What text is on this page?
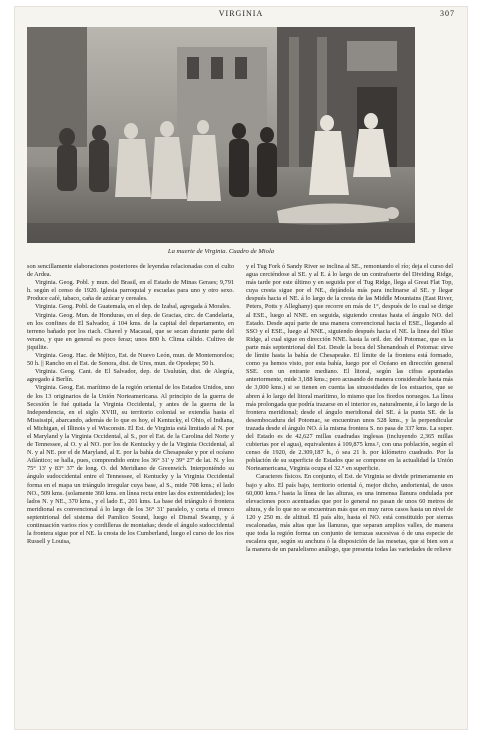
VIRGINIA	307
La muerte de Virginia. Cuadro de Miola

son sencillamente elaboraciones posteriores de leyendas relacionadas con el culto de Ardea.

Virginia. Geog. Pobl. y mun. del Brasil, en el Estado de Minas Geraes; 9,791 h. según el censo de 1920. Iglesia parroquial y escuelas para uno y otro sexo. Produce café, tabaco, caña de azúcar y cereales.

Virginia. Geog. Pobl. de Guatemala, en el dep. de Izabal, agregada á Morales.

Virginia. Geog. Mun. de Honduras, en el dep. de Gracias, circ. de Candelaria, en los confines de El Salvador, á 104 kms. de la capital del departamento, en terreno bañado por los riach. Chavel y Macaual, que se secan durante parte del verano, y que en general es poco feraz; unos 800 h. Clima cálido. Cultivo de jiquilite.

Virginia. Geog. Hac. de Méjico, Est. de Nuevo León, mun. de Montemorelos; 50 h. || Rancho en el Est. de Sonora, dist. de Ures, mun. de Opodepe; 50 h.

Virginia. Geog. Cant. de El Salvador, dep. de Usulután, dist. de Alegría, agregado á Berlín.

Virginia. Geog. Est. marítimo de la región oriental de los Estados Unidos, uno de los 13 originarios de la Unión Norteamericana. Al principio de la guerra de Secesión le fué quitada la Virginia Occidental, y antes de la guerra de la Independencia, en el siglo XVIII, su territorio colonial se extendía hasta el Mississipí, abarcando, además de lo que es hoy, el Kentucky, el Ohio, el Indiana, el Michigan, el Illinois y el Wisconsin. El Est. de Virginia está limitado al N. por el Maryland y la Virginia Occidental, al S., por el Est. de la Carolina del Norte y de Tennessee, al O. y al NO. por los de Kentucky y de la Virginia Occidental, al N. y al NE. por el de Maryland, al E. por la bahía de Chesapeake y por el océano Atlántico; se halla, pues, comprendido entre los 36° 31' y 39° 27' de lat. N. y los 75° 13' y 83° 37' de long. O. del Meridiano de Greenwich. Interponiéndo su ángulo sudoccidental entre el Tennessee, el Kentucky y la Virginia Occidental forma en el mapa un triángulo irregular cuya base, al S., mide 708 kms.; el lado NO., 509 kms. (solamente 360 kms. en línea recta entre las dos extremidades); los lados N. y NE., 370 kms., y el lado E., 201 kms. La base del triángulo ó frontera meridional es convencional á lo largo de los 36° 31' paralelo, y corta el tronco septentrional del sistema del Pamlico Sound, luego el Dismal Swamp, y á continuación varios ríos y cordilleras de montañas; desde el ángulo sudoccidental la frontera sigue por el NE. la cresta de los Cumberland, luego el curso de los ríos Russell y Louisa,

y el Tug Fork ó Sandy River se inclina al SE., remontando el río; deja el curso del agua cerciéndose al SE. y al E. á lo largo de un contrafuerte del Dividing Ridge, más tarde por este último y en seguida por el Tug Ridge, llega al Great Flat Top, cuya cresta sigue por el NE., dejándola más para inclinarse al SE. y llegar después hacia el NE. á lo largo de la cresta de las Middle Mountains (East River, Peters, Potts y Alleghany) que recorre en más de 1°, después de lo cual se dirige al ESE., luego al NNE. en seguida, siguiendo crestas hasta el ángulo NO. del Estado. Desde aquí parte de una manera convencional hacia el ESE., llegando al SSO y el ESE., luego al NNE., siguiendo después hacia el NE. la linea del Blue Ridge, al cual sigue en dirección NNE. hasta la oril. der. del Potomac, que es la parte más septentrional del Est. Desde la boca del Shenandoah el Potomac sirve de límite hasta la bahía de Chesapeake. El límite de la frontera está formado, como ya hemos visto, por esta bahía, luego por el Océano en dirección general SSE. con un entrante mediano. El litoral, según las cifras apuntadas anteriormente, mide 3,188 kms.; pero acusando de manera considerable hasta más de 3,000 kms.) si se tienen en cuenta las sinuosidades de los estuarios, que se abren á lo largo del litoral marítimo, lo mismo que los fiordos noruegos. La línea más prolongada que podría trazarse en el interior es, naturalmente, á lo largo de la frontera meridional; desde el ángulo meridional del SE. á la punta SE. de la desembocadura del Potomac, se encuentran unos 528 kms., y la perpendicular trazada desde el ángulo NO. á la misma frontera S. no pasa de 337 kms. La super. del Estado es de 42,627 millas cuadradas inglesas (incluyendo 2,365 millas cubiertas por el agua), equivalentes á 109,875 kms.², con una población, según el censo de 1920, de 2.309,187 h., ó sea 21 h. por kilómetro cuadrado. Por la población de su superficie de Estados que se compone en la actualidad la Unión Norteamericana, Virginia ocupa el 32.° en superficie.

Caracteres físicos. En conjunto, el Est. de Virginia se divide primeramente en bajo y alto. El país bajo, territorio oriental ó, mejor dicho, andoriental, de unos 60,000 kms.² hasta la línea de las alturas, es una inmensa llanura ondulada por elevaciones poco acentuadas que por lo general no pasan de unos 60 metros de altura, y de lo que no se encuentran más que en muy raros casos hasta un nivel de 120 y 250 m. de altitud. El país alto, hasta el NO. está constituido por sierras escalonadas, más altas que las llanuras, que separan amplios valles, de manera que toda la región forma un conjunto de terrazas sucesivas ó de una especie de escalera que, según su anchura ó la disposición de las mesetas, que si bien son a la manera de un paralelismo análogo, que presenta todas las variedades de relieve
